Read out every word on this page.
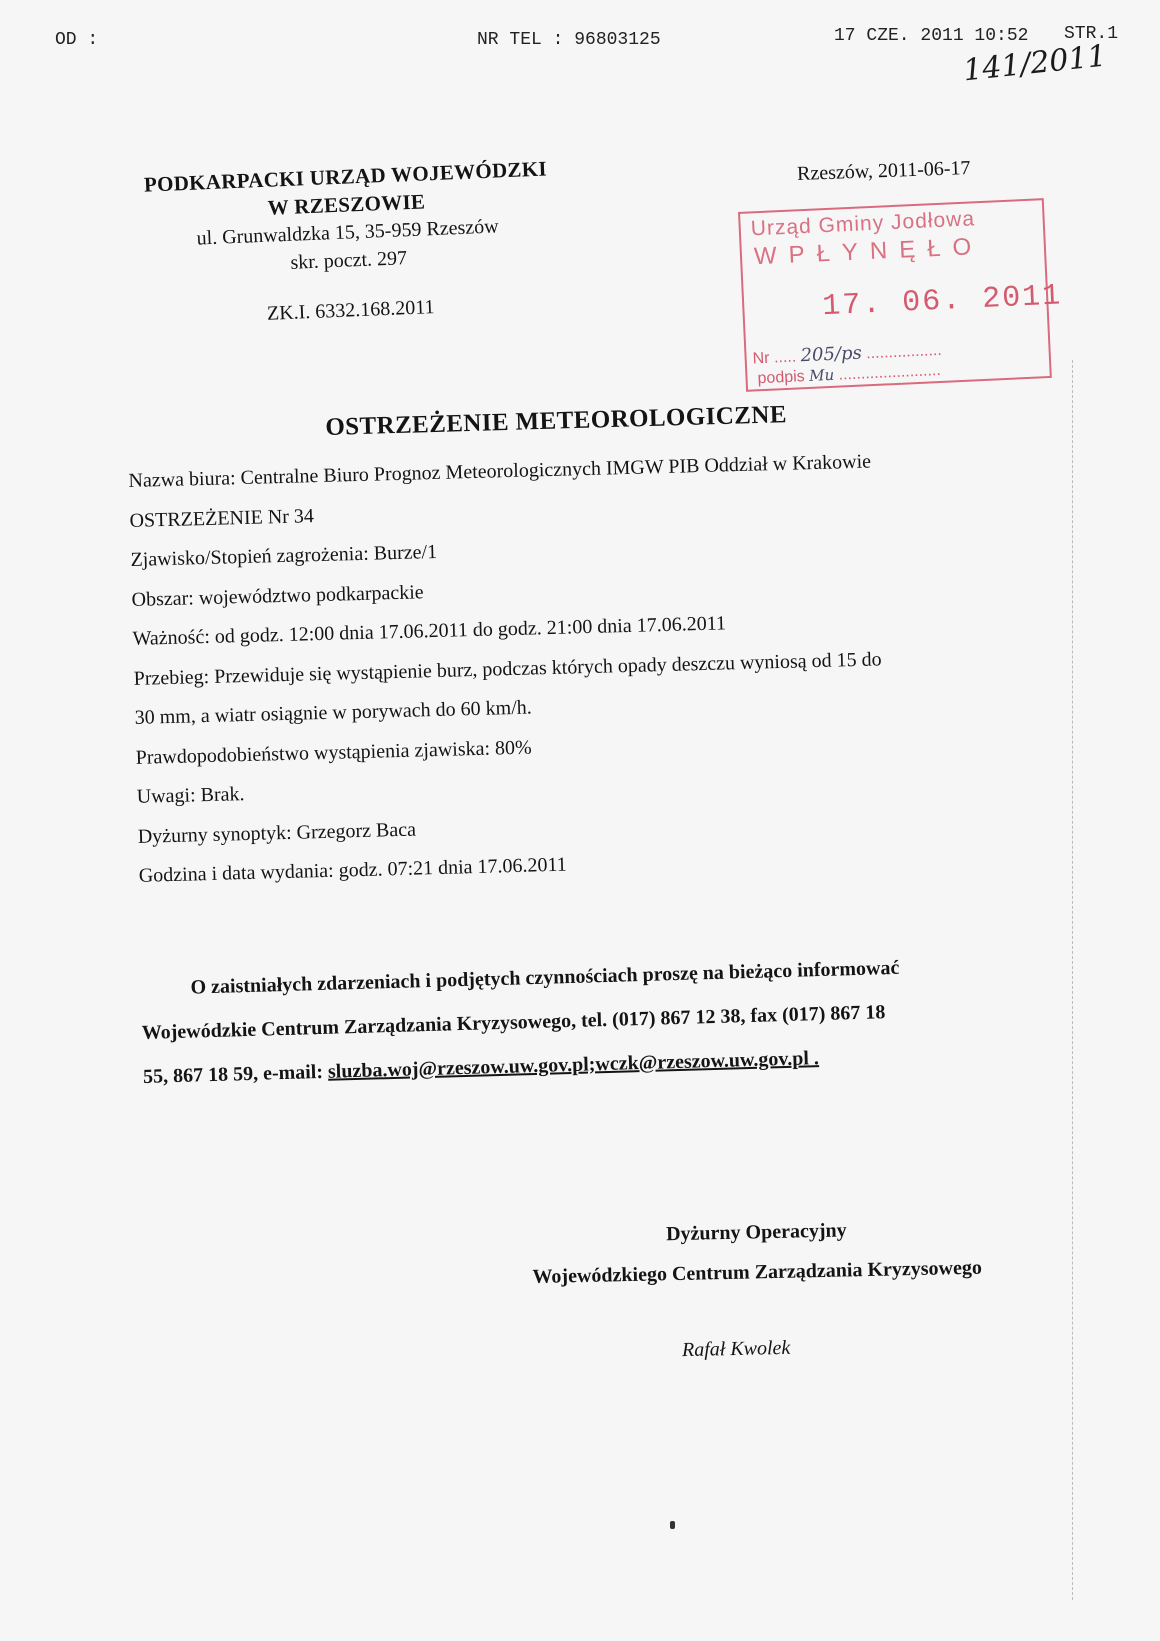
OD :	NR TEL : 96803125	17 CZE. 2011 10:52 STR.1
141/2011
PODKARPACKI URZĄD WOJEWÓDZKI
W RZESZOWIE
ul. Grunwaldzka 15, 35-959 Rzeszów
skr. poczt. 297
ZK.I. 6332.168.2011
Rzeszów, 2011-06-17
Urząd Gminy Jodłowa
WPŁYNĘŁO
17. 06. 2011
Nr ..... 205/ps .................
podpis Mu .......................
OSTRZEŻENIE METEOROLOGICZNE
Nazwa biura: Centralne Biuro Prognoz Meteorologicznych IMGW PIB Oddział w Krakowie
OSTRZEŻENIE Nr 34
Zjawisko/Stopień zagrożenia: Burze/1
Obszar: województwo podkarpackie
Ważność: od godz. 12:00 dnia 17.06.2011 do godz. 21:00 dnia 17.06.2011
Przebieg: Przewiduje się wystąpienie burz, podczas których opady deszczu wyniosą od 15 do
30 mm, a wiatr osiągnie w porywach do 60 km/h.
Prawdopodobieństwo wystąpienia zjawiska: 80%
Uwagi: Brak.
Dyżurny synoptyk: Grzegorz Baca
Godzina i data wydania: godz. 07:21 dnia 17.06.2011

O zaistniałych zdarzeniach i podjętych czynnościach proszę na bieżąco informować

Wojewódzkie Centrum Zarządzania Kryzysowego, tel. (017) 867 12 38, fax (017) 867 18

55, 867 18 59, e-mail: sluzba.woj@rzeszow.uw.gov.pl;wczk@rzeszow.uw.gov.pl .

Dyżurny Operacyjny
Wojewódzkiego Centrum Zarządzania Kryzysowego
Rafał Kwolek
